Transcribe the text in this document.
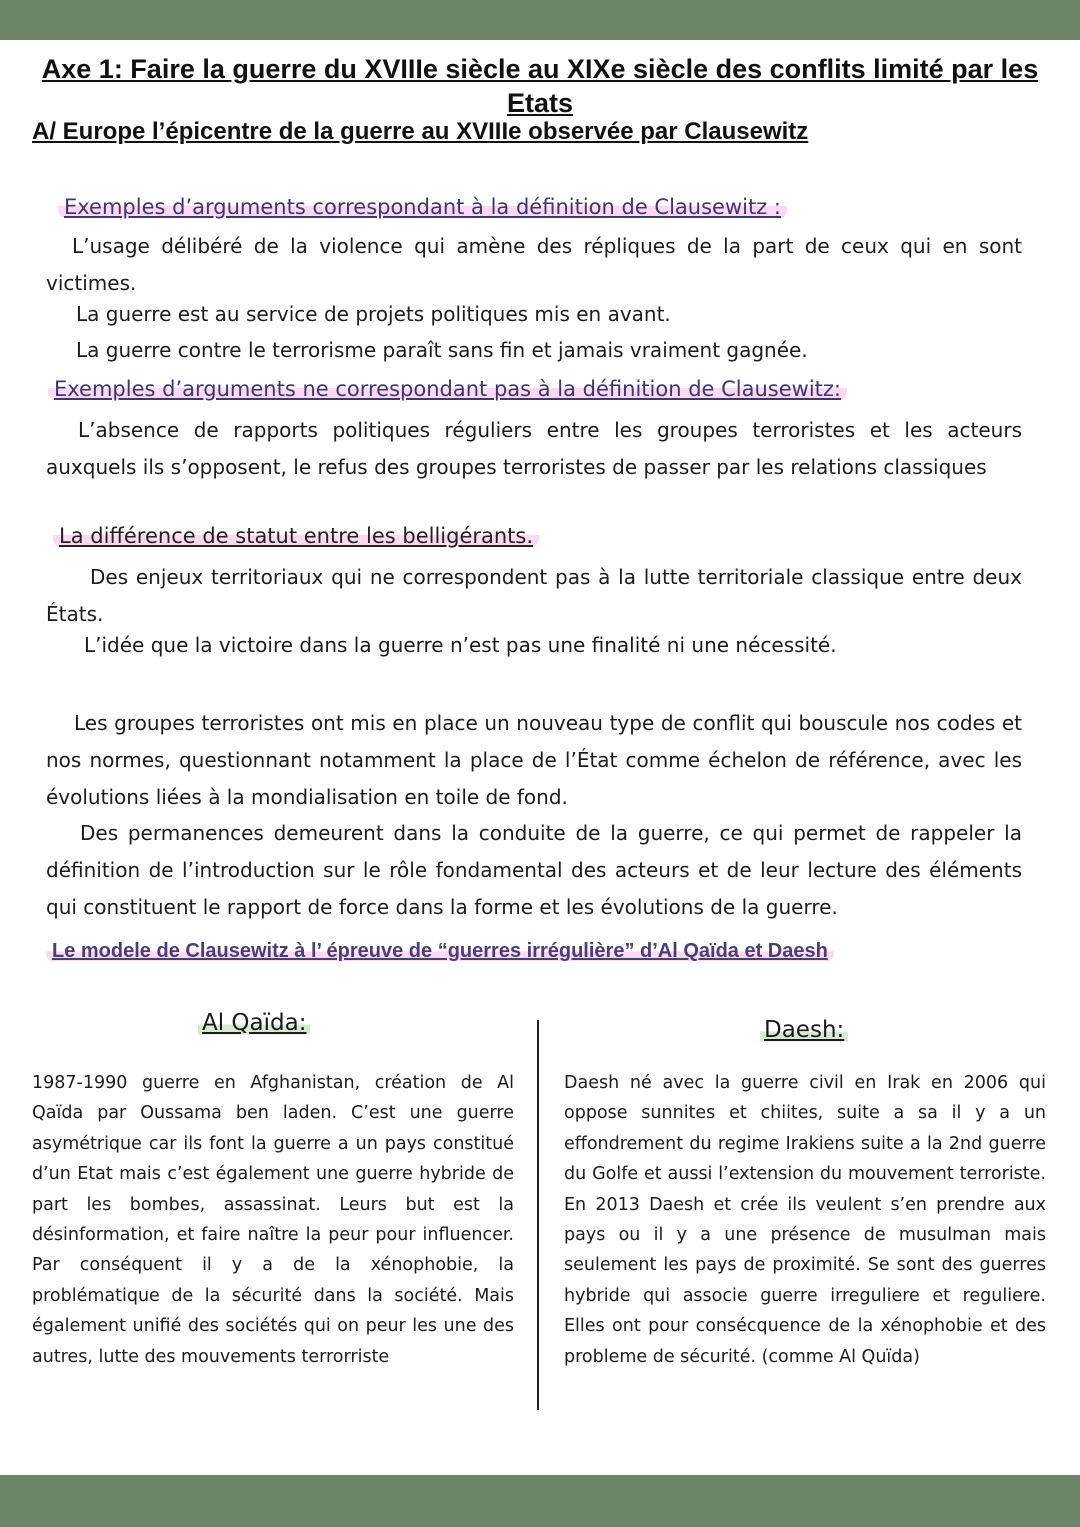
Axe 1: Faire la guerre du XVIIIe siècle au XIXe siècle des conflits limité par les Etats
A/ Europe l’épicentre de la guerre au XVIIIe observée par Clausewitz
Exemples d’arguments correspondant à la définition de Clausewitz :

L’usage délibéré de la violence qui amène des répliques de la part de ceux qui en sont victimes.

La guerre est au service de projets politiques mis en avant.

La guerre contre le terrorisme paraît sans fin et jamais vraiment gagnée.

Exemples d’arguments ne correspondant pas à la définition de Clausewitz:

L’absence de rapports politiques réguliers entre les groupes terroristes et les acteurs auxquels ils s’opposent, le refus des groupes terroristes de passer par les relations classiques

La différence de statut entre les belligérants.

Des enjeux territoriaux qui ne correspondent pas à la lutte territoriale classique entre deux États.

L’idée que la victoire dans la guerre n’est pas une finalité ni une nécessité.

Les groupes terroristes ont mis en place un nouveau type de conflit qui bouscule nos codes et nos normes, questionnant notamment la place de l’État comme échelon de référence, avec les évolutions liées à la mondialisation en toile de fond.

Des permanences demeurent dans la conduite de la guerre, ce qui permet de rappeler la définition de l’introduction sur le rôle fondamental des acteurs et de leur lecture des éléments qui constituent le rapport de force dans la forme et les évolutions de la guerre.

Le modele de Clausewitz à l’ épreuve de “guerres irrégulière” d’Al Qaïda et Daesh
Al Qaïda:	Daesh:

1987-1990 guerre en Afghanistan, création de Al Qaïda par Oussama ben laden. C’est une guerre asymétrique car ils font la guerre a un pays constitué d’un Etat mais c’est également une guerre hybride de part les bombes, assassinat. Leurs but est la désinformation, et faire naître la peur pour influencer. Par conséquent il y a de la xénophobie, la problématique de la sécurité dans la société. Mais également unifié des sociétés qui on peur les une des autres, lutte des mouvements terrorriste

Daesh né avec la guerre civil en Irak en 2006 qui oppose sunnites et chiites, suite a sa il y a un effondrement du regime Irakiens suite a la 2nd guerre du Golfe et aussi l’extension du mouvement terroriste. En 2013 Daesh et crée ils veulent s’en prendre aux pays ou il y a une présence de musulman mais seulement les pays de proximité. Se sont des guerres hybride qui associe guerre irreguliere et reguliere. Elles ont pour consécquence de la xénophobie et des probleme de sécurité. (comme Al Quïda)
